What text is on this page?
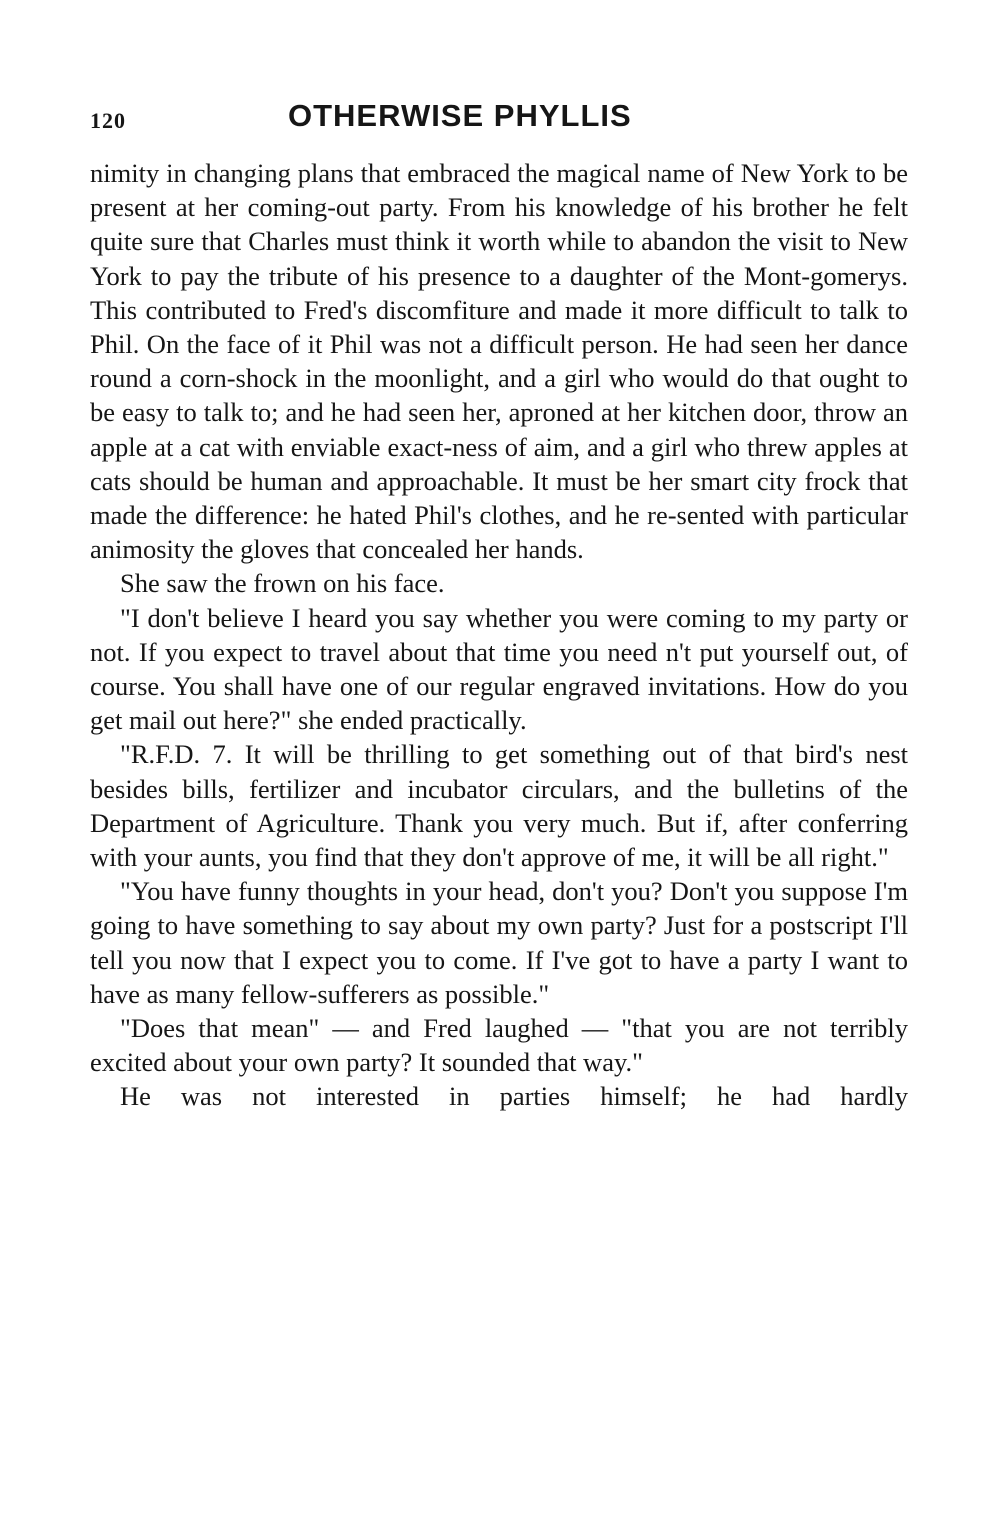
120	OTHERWISE PHYLLIS

nimity in changing plans that embraced the magical name of New York to be present at her coming-out party. From his knowledge of his brother he felt quite sure that Charles must think it worth while to abandon the visit to New York to pay the tribute of his presence to a daughter of the Mont-gomerys. This contributed to Fred's discomfiture and made it more difficult to talk to Phil. On the face of it Phil was not a difficult person. He had seen her dance round a corn-shock in the moonlight, and a girl who would do that ought to be easy to talk to; and he had seen her, aproned at her kitchen door, throw an apple at a cat with enviable exact-ness of aim, and a girl who threw apples at cats should be human and approachable. It must be her smart city frock that made the difference: he hated Phil's clothes, and he re-sented with particular animosity the gloves that concealed her hands.

She saw the frown on his face.

"I don't believe I heard you say whether you were coming to my party or not. If you expect to travel about that time you need n't put yourself out, of course. You shall have one of our regular engraved invitations. How do you get mail out here?" she ended practically.

"R.F.D. 7. It will be thrilling to get something out of that bird's nest besides bills, fertilizer and incubator circulars, and the bulletins of the Department of Agriculture. Thank you very much. But if, after conferring with your aunts, you find that they don't approve of me, it will be all right."

"You have funny thoughts in your head, don't you? Don't you suppose I'm going to have something to say about my own party? Just for a postscript I'll tell you now that I expect you to come. If I've got to have a party I want to have as many fellow-sufferers as possible."

"Does that mean" — and Fred laughed — "that you are not terribly excited about your own party? It sounded that way."

He was not interested in parties himself; he had hardly
